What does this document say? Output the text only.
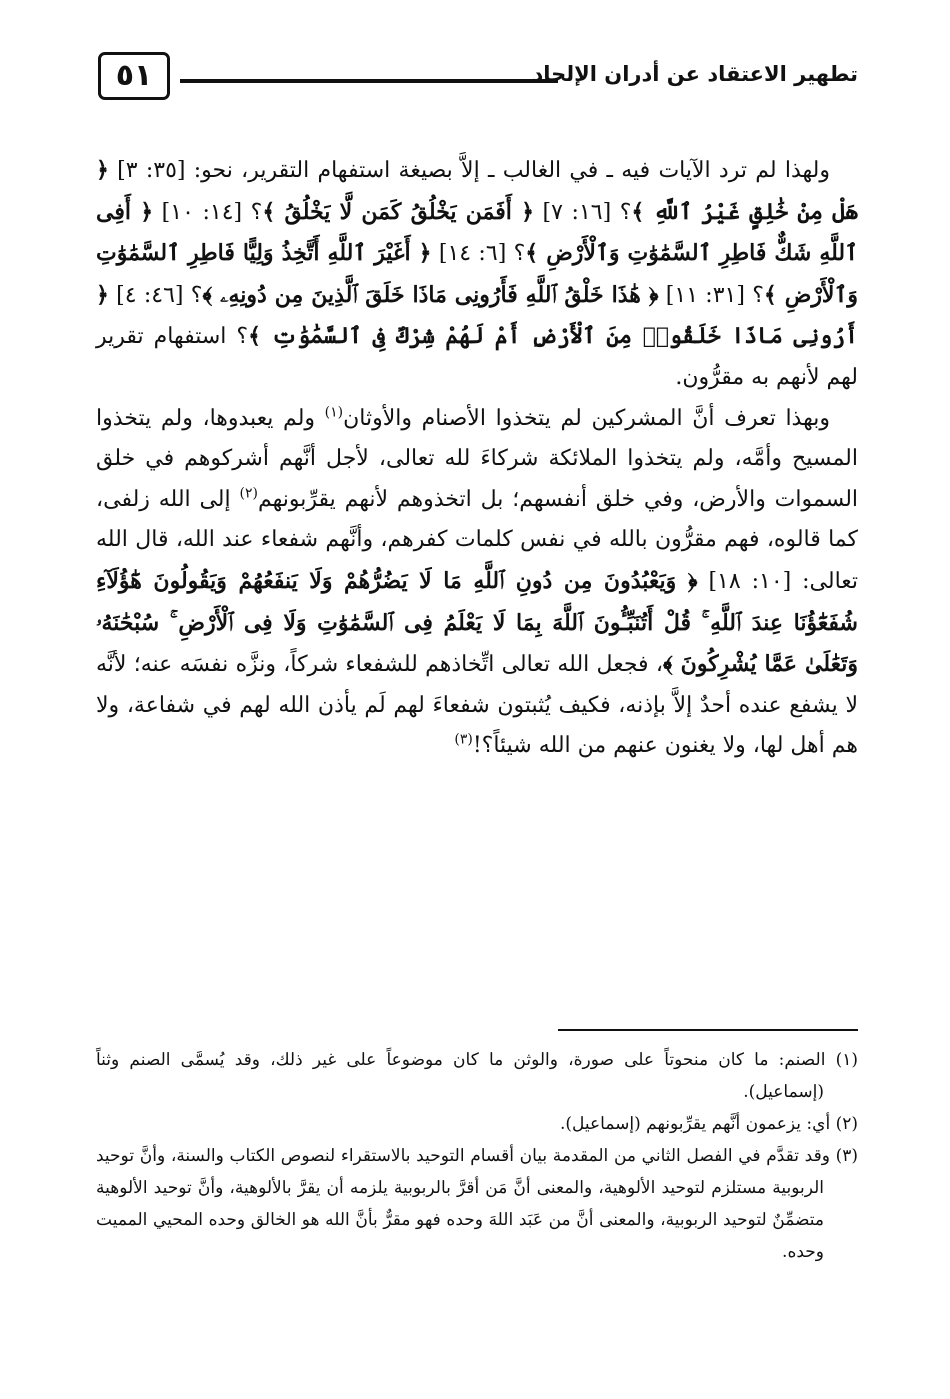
تطهير الاعتقاد عن أدران الإلحاد
٥١

ولهذا لم ترد الآيات فيه ـ في الغالب ـ إلاَّ بصيغة استفهام التقرير، نحو: [٣٥: ٣] ﴿ هَلْ مِنْ خَٰلِقٍ غَيْرُ ٱللَّهِ ﴾؟ [١٦: ٧] ﴿ أَفَمَن يَخْلُقُ كَمَن لَّا يَخْلُقُ ﴾؟ [١٤: ١٠] ﴿ أَفِى ٱللَّهِ شَكٌّ فَاطِرِ ٱلسَّمَٰوَٰتِ وَٱلْأَرْضِ ﴾؟ [٦: ١٤] ﴿ أَغَيْرَ ٱللَّهِ أَتَّخِذُ وَلِيًّا فَاطِرِ ٱلسَّمَٰوَٰتِ وَٱلْأَرْضِ ﴾؟ [٣١: ١١] ﴿ هَٰذَا خَلْقُ ٱللَّهِ فَأَرُونِى مَاذَا خَلَقَ ٱلَّذِينَ مِن دُونِهِۦ ﴾؟ [٤٦: ٤] ﴿ أَرُونِى مَاذَا خَلَقُوا۟ مِنَ ٱلْأَرْضِ أَمْ لَهُمْ شِرْكٌ فِى ٱلسَّمَٰوَٰتِ ﴾؟ استفهام تقرير لهم لأنهم به مقرُّون.

وبهذا تعرف أنَّ المشركين لم يتخذوا الأصنام والأوثان$^{(١)}$ ولم يعبدوها، ولم يتخذوا المسيح وأمَّه، ولم يتخذوا الملائكة شركاءَ لله تعالى، لأجل أنَّهم أشركوهم في خلق السموات والأرض، وفي خلق أنفسهم؛ بل اتخذوهم لأنهم يقرِّبونهم$^{(٢)}$ إلى الله زلفى، كما قالوه، فهم مقرُّون بالله في نفس كلمات كفرهم، وأنَّهم شفعاء عند الله، قال الله تعالى: [١٠: ١٨] ﴿ وَيَعْبُدُونَ مِن دُونِ ٱللَّهِ مَا لَا يَضُرُّهُمْ وَلَا يَنفَعُهُمْ وَيَقُولُونَ هَٰٓؤُلَآءِ شُفَعَٰٓؤُنَا عِندَ ٱللَّهِ ۚ قُلْ أَتُنَبِّـُٔونَ ٱللَّهَ بِمَا لَا يَعْلَمُ فِى ٱلسَّمَٰوَٰتِ وَلَا فِى ٱلْأَرْضِ ۚ سُبْحَٰنَهُۥ وَتَعَٰلَىٰ عَمَّا يُشْرِكُونَ ﴾، فجعل الله تعالى اتِّخاذهم للشفعاء شركاً، ونزَّه نفسَه عنه؛ لأنَّه لا يشفع عنده أحدٌ إلاَّ بإذنه، فكيف يُثبتون شفعاءَ لهم لَم يأذن الله لهم في شفاعة، ولا هم أهل لها، ولا يغنون عنهم من الله شيئاً؟!$^{(٣)}$

(١) الصنم: ما كان منحوتاً على صورة، والوثن ما كان موضوعاً على غير ذلك، وقد يُسمَّى الصنم وثناً (إسماعيل).

(٢) أي: يزعمون أنَّهم يقرِّبونهم (إسماعيل).

(٣) وقد تقدَّم في الفصل الثاني من المقدمة بيان أقسام التوحيد بالاستقراء لنصوص الكتاب والسنة، وأنَّ توحيد الربوبية مستلزم لتوحيد الألوهية، والمعنى أنَّ مَن أقرَّ بالربوبية يلزمه أن يقرَّ بالألوهية، وأنَّ توحيد الألوهية متضمِّنٌ لتوحيد الربوبية، والمعنى أنَّ من عَبَد اللهَ وحده فهو مقرٌّ بأنَّ الله هو الخالق وحده المحيي المميت وحده.
